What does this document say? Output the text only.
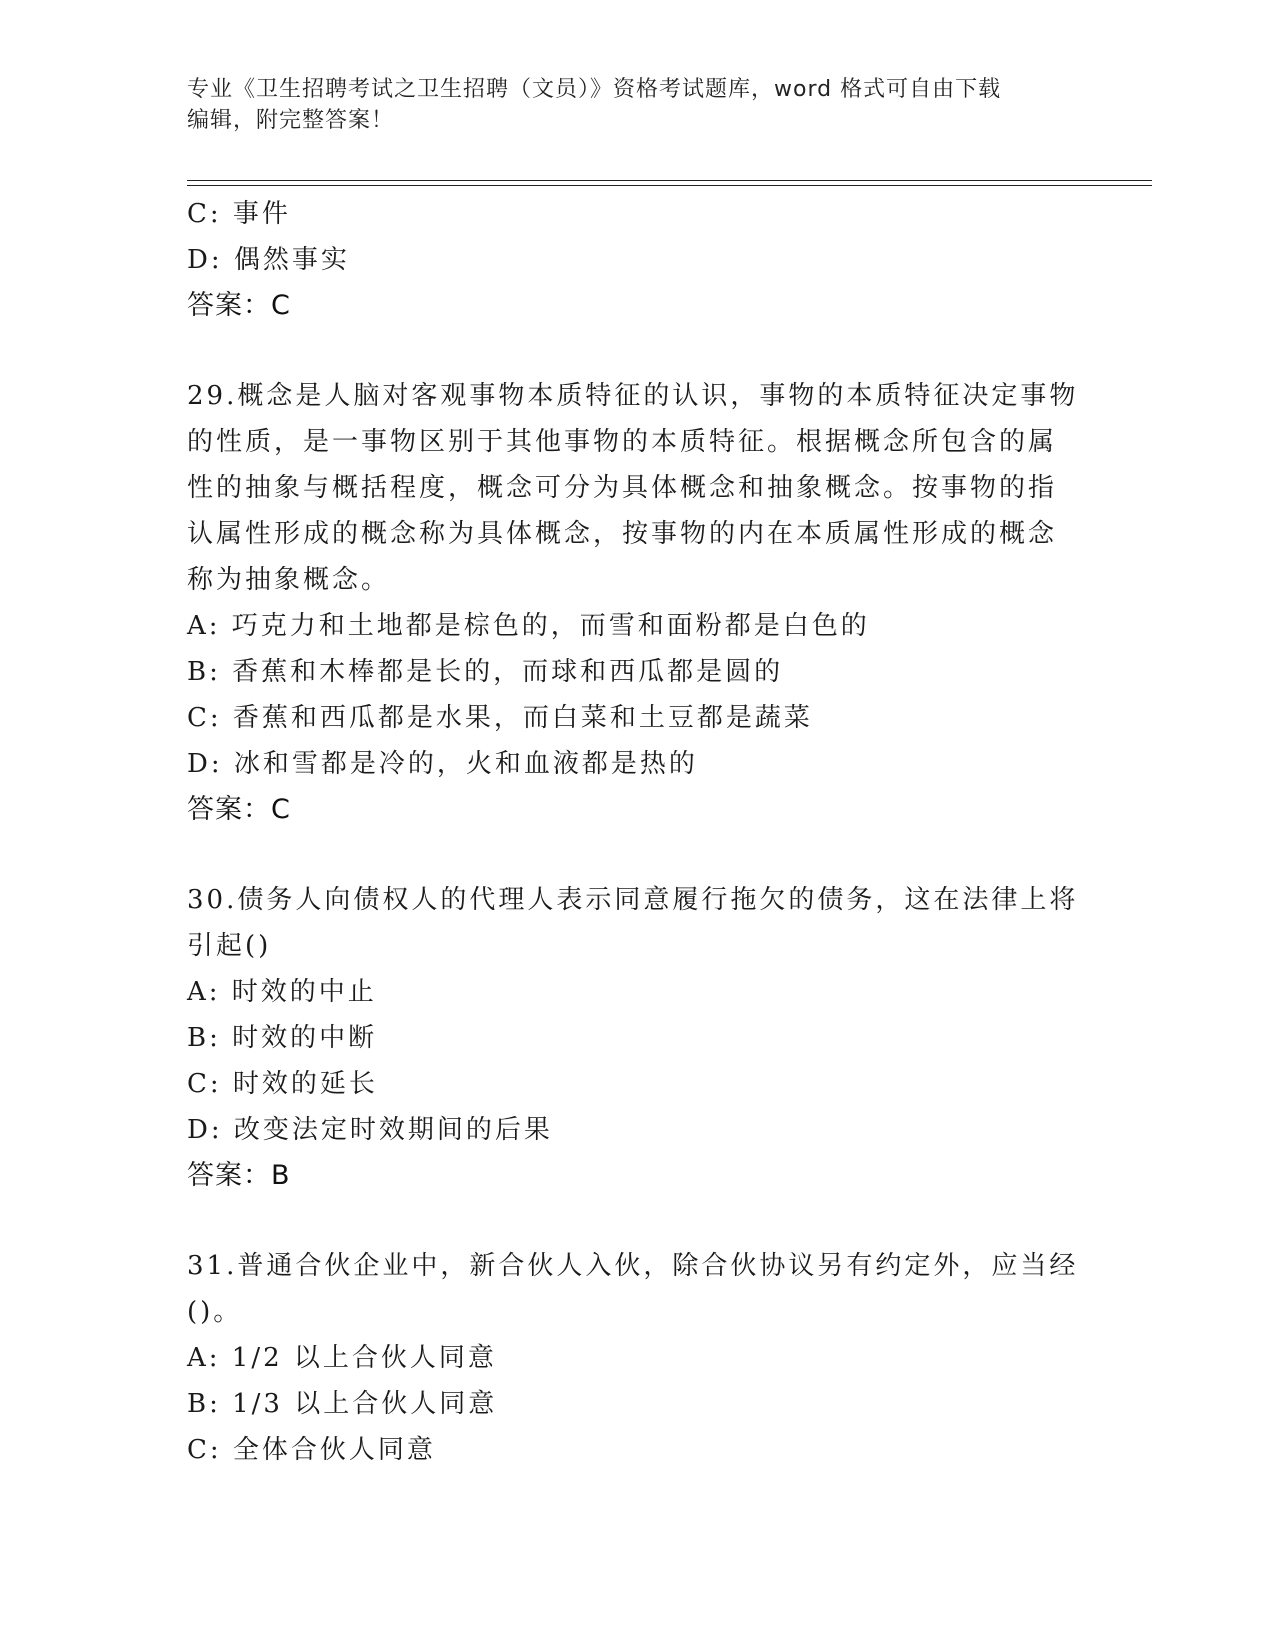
专业《卫生招聘考试之卫生招聘（文员）》资格考试题库，word 格式可自由下载
编辑，附完整答案！
C: 事件
D: 偶然事实
答案：C
29.概念是人脑对客观事物本质特征的认识，事物的本质特征决定事物
的性质，是一事物区别于其他事物的本质特征。根据概念所包含的属
性的抽象与概括程度，概念可分为具体概念和抽象概念。按事物的指
认属性形成的概念称为具体概念，按事物的内在本质属性形成的概念
称为抽象概念。
A: 巧克力和土地都是棕色的，而雪和面粉都是白色的
B: 香蕉和木棒都是长的，而球和西瓜都是圆的
C: 香蕉和西瓜都是水果，而白菜和土豆都是蔬菜
D: 冰和雪都是冷的，火和血液都是热的
答案：C
30.债务人向债权人的代理人表示同意履行拖欠的债务，这在法律上将
引起()
A: 时效的中止
B: 时效的中断
C: 时效的延长
D: 改变法定时效期间的后果
答案：B
31.普通合伙企业中，新合伙人入伙，除合伙协议另有约定外，应当经
()。
A: 1/2 以上合伙人同意
B: 1/3 以上合伙人同意
C: 全体合伙人同意
